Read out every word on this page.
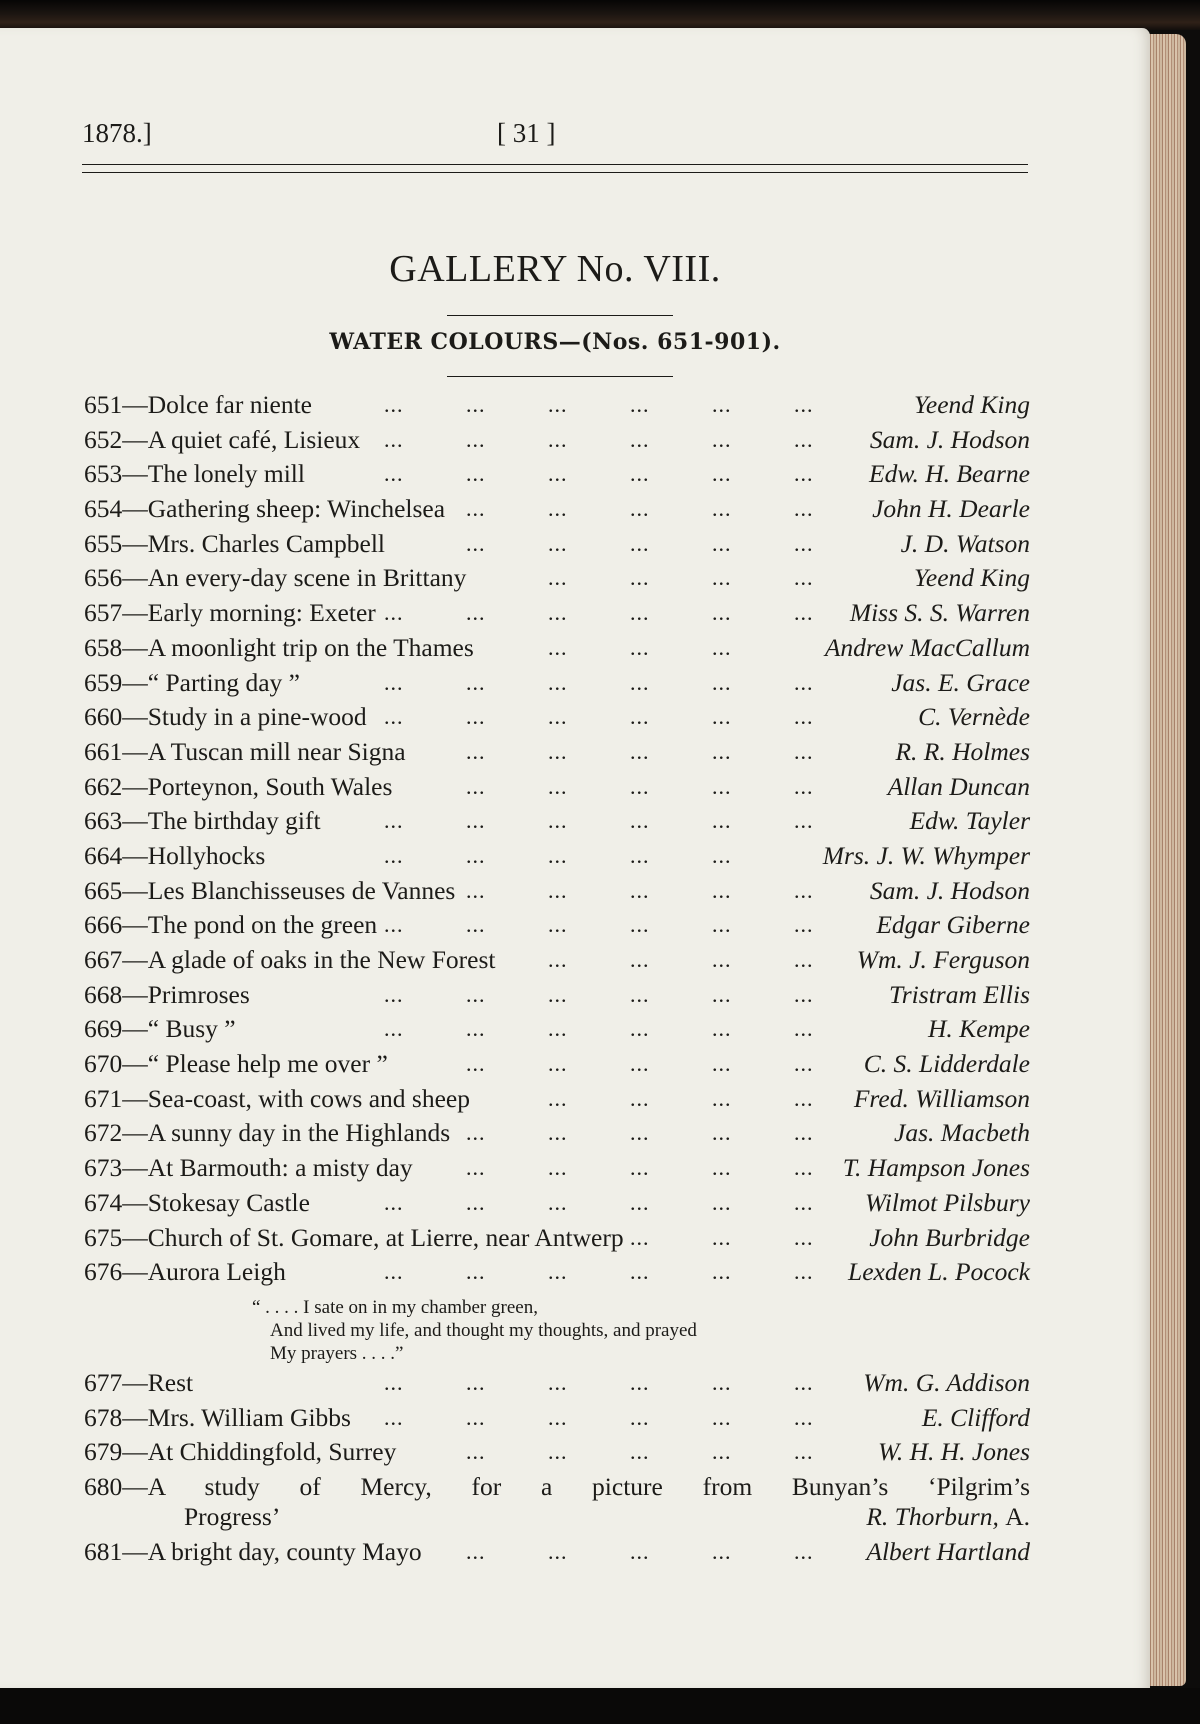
1878.]	[ 31 ]
GALLERY No. VIII.
WATER COLOURS—(Nos. 651-901).
651 —Dolce far niente	Yeend King
...	...	...	...	...	...
652 —A quiet café, Lisieux	Sam. J. Hodson
...	...	...	...	...	...
653 —The lonely mill	Edw. H. Bearne
...	...	...	...	...	...
654 —Gathering sheep: Winchelsea	John H. Dearle
...	...	...	...	...
655 —Mrs. Charles Campbell	J. D. Watson
...	...	...	...	...
656 —An every-day scene in Brittany	Yeend King
...	...	...	...
657 —Early morning: Exeter	Miss S. S. Warren
...	...	...	...	...	...
658 —A moonlight trip on the Thames	Andrew MacCallum
...	...	...
659 —“ Parting day ”	Jas. E. Grace
...	...	...	...	...	...
660 —Study in a pine-wood	C. Vernède
...	...	...	...	...	...
661 —A Tuscan mill near Signa	R. R. Holmes
...	...	...	...	...
662 —Porteynon, South Wales	Allan Duncan
...	...	...	...	...
663 —The birthday gift	Edw. Tayler
...	...	...	...	...	...
664 —Hollyhocks	Mrs. J. W. Whymper
...	...	...	...	...
665 —Les Blanchisseuses de Vannes	Sam. J. Hodson
...	...	...	...	...
666 —The pond on the green	Edgar Giberne
...	...	...	...	...	...
667 —A glade of oaks in the New Forest	Wm. J. Ferguson
...	...	...	...
668 —Primroses	Tristram Ellis
...	...	...	...	...	...
669 —“ Busy ”	H. Kempe
...	...	...	...	...	...
670 —“ Please help me over ”	C. S. Lidderdale
...	...	...	...	...
671 —Sea-coast, with cows and sheep	Fred. Williamson
...	...	...	...
672 —A sunny day in the Highlands	Jas. Macbeth
...	...	...	...	...
673 —At Barmouth: a misty day	T. Hampson Jones
...	...	...	...	...
674 —Stokesay Castle	Wilmot Pilsbury
...	...	...	...	...	...
675 —Church of St. Gomare, at Lierre, near Antwerp	John Burbridge
...	...	...
676 —Aurora Leigh	Lexden L. Pocock
...	...	...	...	...	...
“ . . . . I sate on in my chamber green,
And lived my life, and thought my thoughts, and prayed
My prayers . . . .”
677 —Rest	Wm. G. Addison
...	...	...	...	...	...
678 —Mrs. William Gibbs	E. Clifford
...	...	...	...	...	...
679 —At Chiddingfold, Surrey	W. H. H. Jones
...	...	...	...	...
680—A study of Mercy, for a picture from Bunyan’s ‘Pilgrim’s
Progress’	R. Thorburn, A.
681 —A bright day, county Mayo	Albert Hartland
...	...	...	...	...
